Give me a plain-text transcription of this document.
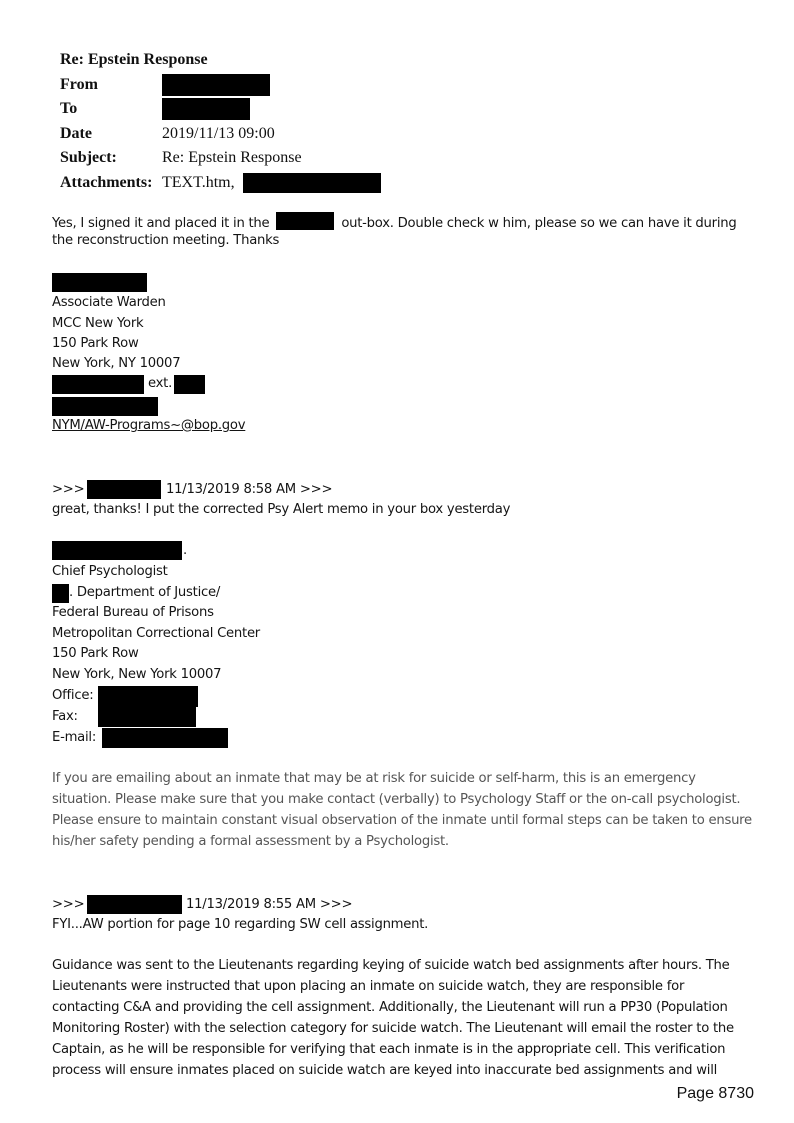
Re: Epstein Response
From
To
Date	2019/11/13 09:00
Subject:	Re: Epstein Response
Attachments: TEXT.htm,
Yes, I signed it and placed it in the	out-box. Double check w him, please so we can have it during
the reconstruction meeting. Thanks
Associate Warden
MCC New York
150 Park Row
New York, NY 10007
ext.
NYM/AW-Programs~@bop.gov
>>>	11/13/2019 8:58 AM >>>
great, thanks! I put the corrected Psy Alert memo in your box yesterday
.
Chief Psychologist
. Department of Justice/
Federal Bureau of Prisons
Metropolitan Correctional Center
150 Park Row
New York, New York 10007
Office:
Fax:
E-mail:
If you are emailing about an inmate that may be at risk for suicide or self-harm, this is an emergency
situation. Please make sure that you make contact (verbally) to Psychology Staff or the on-call psychologist.
Please ensure to maintain constant visual observation of the inmate until formal steps can be taken to ensure
his/her safety pending a formal assessment by a Psychologist.
>>>	11/13/2019 8:55 AM >>>
FYI...AW portion for page 10 regarding SW cell assignment.
Guidance was sent to the Lieutenants regarding keying of suicide watch bed assignments after hours. The
Lieutenants were instructed that upon placing an inmate on suicide watch, they are responsible for
contacting C&A and providing the cell assignment. Additionally, the Lieutenant will run a PP30 (Population
Monitoring Roster) with the selection category for suicide watch. The Lieutenant will email the roster to the
Captain, as he will be responsible for verifying that each inmate is in the appropriate cell. This verification
process will ensure inmates placed on suicide watch are keyed into inaccurate bed assignments and will
Page 8730
